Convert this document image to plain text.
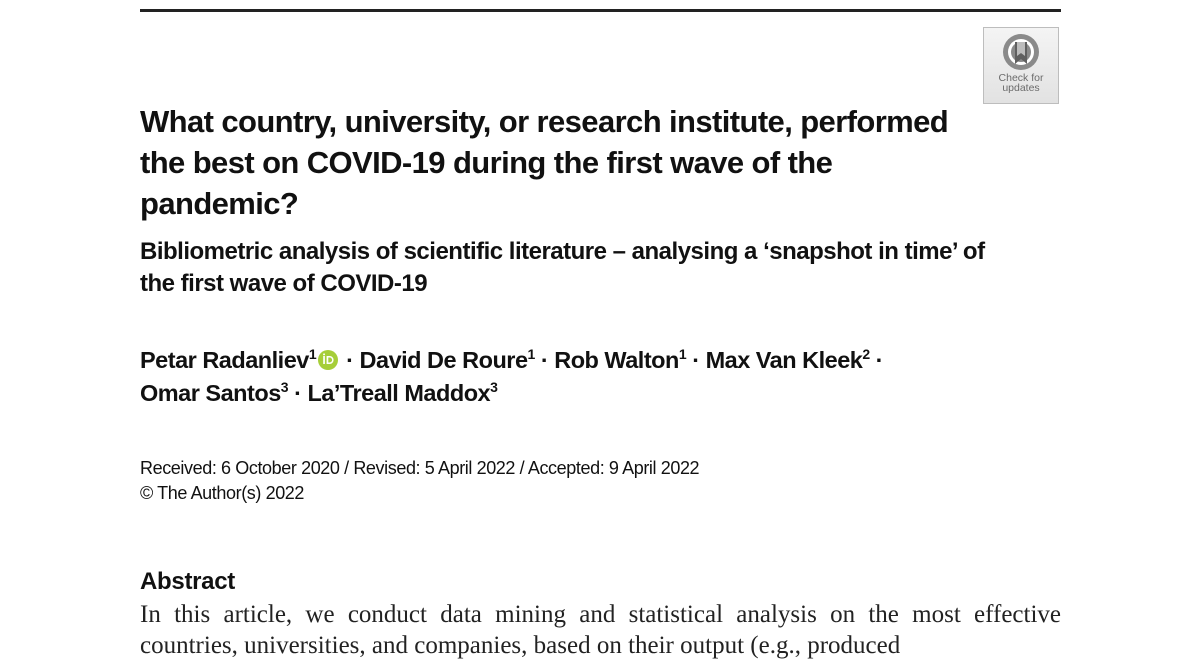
Check for
updates
What country, university, or research institute, performed the best on COVID-19 during the first wave of the pandemic?
Bibliometric analysis of scientific literature – analysing a ‘snapshot in time’ of the first wave of COVID-19
Petar Radanliev$^1$ · David De Roure$^1$ · Rob Walton$^1$ · Max Van Kleek$^2$ ·
Omar Santos$^3$ · La’Treall Maddox$^3$
Received: 6 October 2020 / Revised: 5 April 2022 / Accepted: 9 April 2022
© The Author(s) 2022
Abstract

In this article, we conduct data mining and statistical analysis on the most effective countries, universities, and companies, based on their output (e.g., produced
